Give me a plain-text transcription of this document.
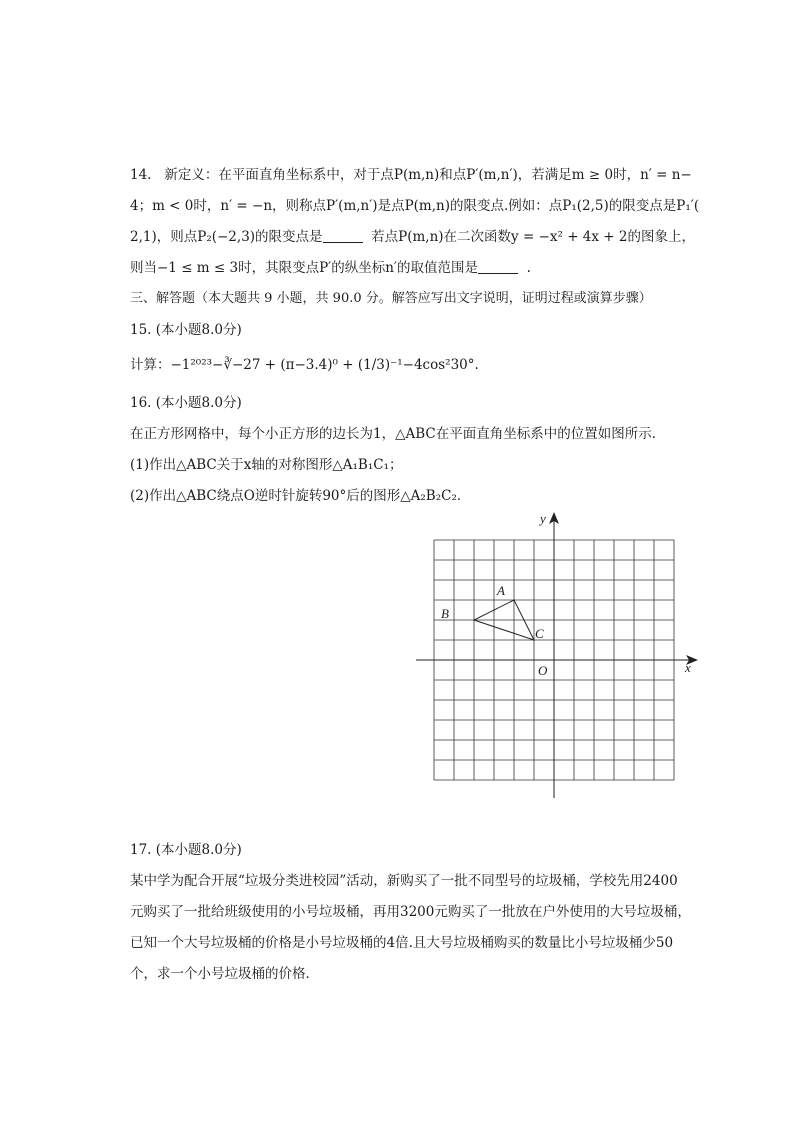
14. 新定义：在平面直角坐标系中，对于点P(m,n)和点P′(m,n′)，若满足m ≥ 0时，n′ = n−
4；m < 0时，n′ = −n，则称点P′(m,n′)是点P(m,n)的限变点.例如：点P₁(2,5)的限变点是P₁′(
2,1)，则点P₂(−2,3)的限变点是	若点P(m,n)在二次函数y = −x² + 4x + 2的图象上，
则当−1 ≤ m ≤ 3时，其限变点P′的纵坐标n′的取值范围是	.
三、解答题（本大题共 9 小题，共 90.0 分。解答应写出文字说明，证明过程或演算步骤）
15. (本小题8.0分)
计算：−1²⁰²³−∛−27 + (π−3.4)⁰ + (1/3)⁻¹−4cos²30°.
16. (本小题8.0分)
在正方形网格中，每个小正方形的边长为1，△ABC在平面直角坐标系中的位置如图所示．
(1)作出△ABC关于x轴的对称图形△A₁B₁C₁；
(2)作出△ABC绕点O逆时针旋转90°后的图形△A₂B₂C₂．
A
B
C
O	x
y
17. (本小题8.0分)
某中学为配合开展“垃圾分类进校园”活动，新购买了一批不同型号的垃圾桶，学校先用2400
元购买了一批给班级使用的小号垃圾桶，再用3200元购买了一批放在户外使用的大号垃圾桶，
已知一个大号垃圾桶的价格是小号垃圾桶的4倍.且大号垃圾桶购买的数量比小号垃圾桶少50
个，求一个小号垃圾桶的价格．
